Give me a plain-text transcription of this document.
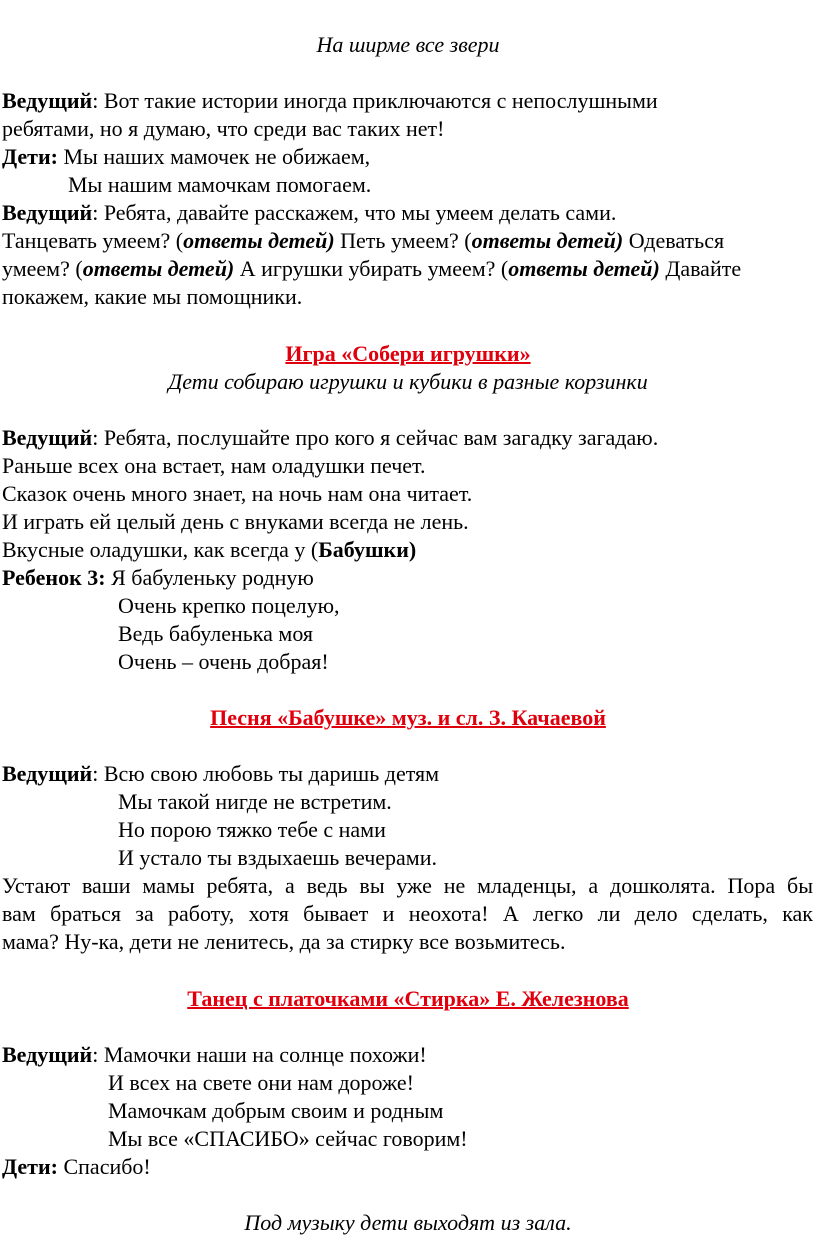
На ширме все звери
Ведущий: Вот такие истории иногда приключаются с непослушными
ребятами, но я думаю, что среди вас таких нет!
Дети: Мы наших мамочек не обижаем,
Мы нашим мамочкам помогаем.
Ведущий: Ребята, давайте расскажем, что мы умеем делать сами.
Танцевать умеем? (ответы детей) Петь умеем? (ответы детей) Одеваться
умеем? (ответы детей) А игрушки убирать умеем? (ответы детей) Давайте
покажем, какие мы помощники.
Игра «Собери игрушки»
Дети собираю игрушки и кубики в разные корзинки
Ведущий: Ребята, послушайте про кого я сейчас вам загадку загадаю.
Раньше всех она встает, нам оладушки печет.
Сказок очень много знает, на ночь нам она читает.
И играть ей целый день с внуками всегда не лень.
Вкусные оладушки, как всегда у (Бабушки)
Ребенок 3: Я бабуленьку родную
Очень крепко поцелую,
Ведь бабуленька моя
Очень – очень добрая!
Песня «Бабушке» муз. и сл. З. Качаевой
Ведущий: Всю свою любовь ты даришь детям
Мы такой нигде не встретим.
Но порою тяжко тебе с нами
И устало ты вздыхаешь вечерами.
Устают ваши мамы ребята, а ведь вы уже не младенцы, а дошколята. Пора бы
вам браться за работу, хотя бывает и неохота! А легко ли дело сделать, как
мама? Ну-ка, дети не ленитесь, да за стирку все возьмитесь.
Танец с платочками «Стирка» Е. Железнова
Ведущий: Мамочки наши на солнце похожи!
И всех на свете они нам дороже!
Мамочкам добрым своим и родным
Мы все «СПАСИБО» сейчас говорим!
Дети: Спасибо!
Под музыку дети выходят из зала.
